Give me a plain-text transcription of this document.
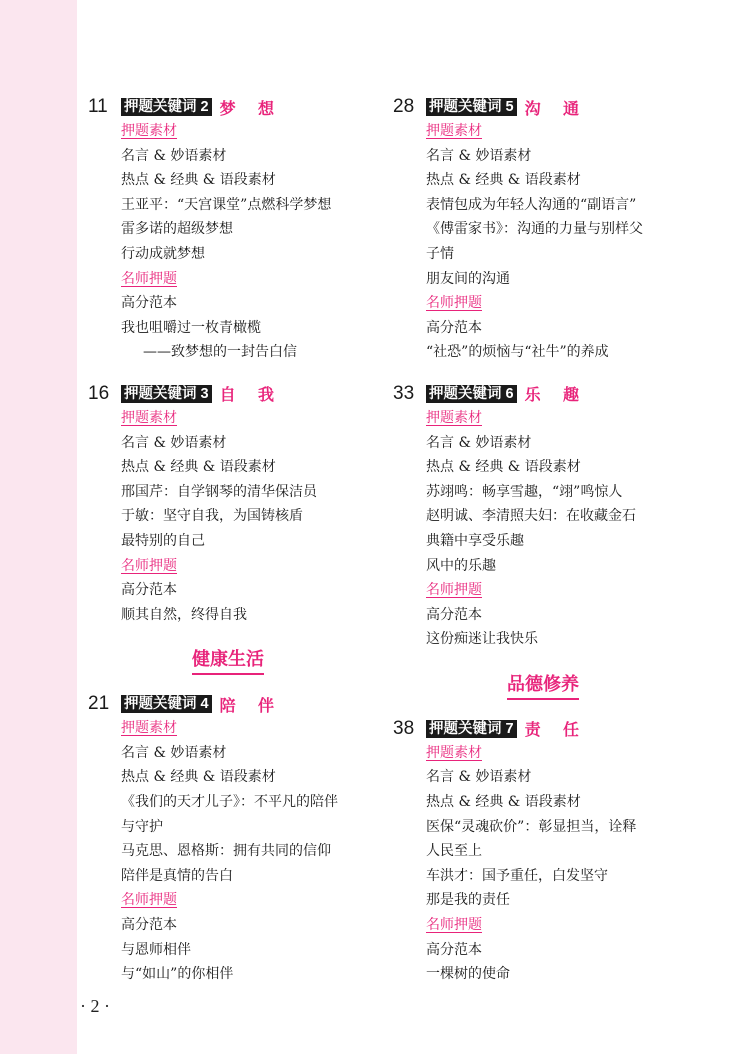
11	押题关键词 2 梦 想
押题素材
名言 & 妙语素材
热点 & 经典 & 语段素材
王亚平：“天宫课堂”点燃科学梦想
雷多诺的超级梦想
行动成就梦想
名师押题
高分范本
我也咀嚼过一枚青橄榄
——致梦想的一封告白信
16	押题关键词 3 自 我
押题素材
名言 & 妙语素材
热点 & 经典 & 语段素材
邢国芹：自学钢琴的清华保洁员
于敏：坚守自我，为国铸核盾
最特别的自己
名师押题
高分范本
顺其自然，终得自我
健康生活
21	押题关键词 4 陪 伴
押题素材
名言 & 妙语素材
热点 & 经典 & 语段素材
《我们的天才儿子》：不平凡的陪伴
与守护
马克思、恩格斯：拥有共同的信仰
陪伴是真情的告白
名师押题
高分范本
与恩师相伴
与“如山”的你相伴
28	押题关键词 5 沟 通
押题素材
名言 & 妙语素材
热点 & 经典 & 语段素材
表情包成为年轻人沟通的“副语言”
《傅雷家书》：沟通的力量与别样父
子情
朋友间的沟通
名师押题
高分范本
“社恐”的烦恼与“社牛”的养成
33	押题关键词 6 乐 趣
押题素材
名言 & 妙语素材
热点 & 经典 & 语段素材
苏翊鸣：畅享雪趣，“翊”鸣惊人
赵明诚、李清照夫妇：在收藏金石
典籍中享受乐趣
风中的乐趣
名师押题
高分范本
这份痴迷让我快乐
品德修养
38	押题关键词 7 责 任
押题素材
名言 & 妙语素材
热点 & 经典 & 语段素材
医保“灵魂砍价”：彰显担当，诠释
人民至上
车洪才：国予重任，白发坚守
那是我的责任
名师押题
高分范本
一棵树的使命
· 2 ·
